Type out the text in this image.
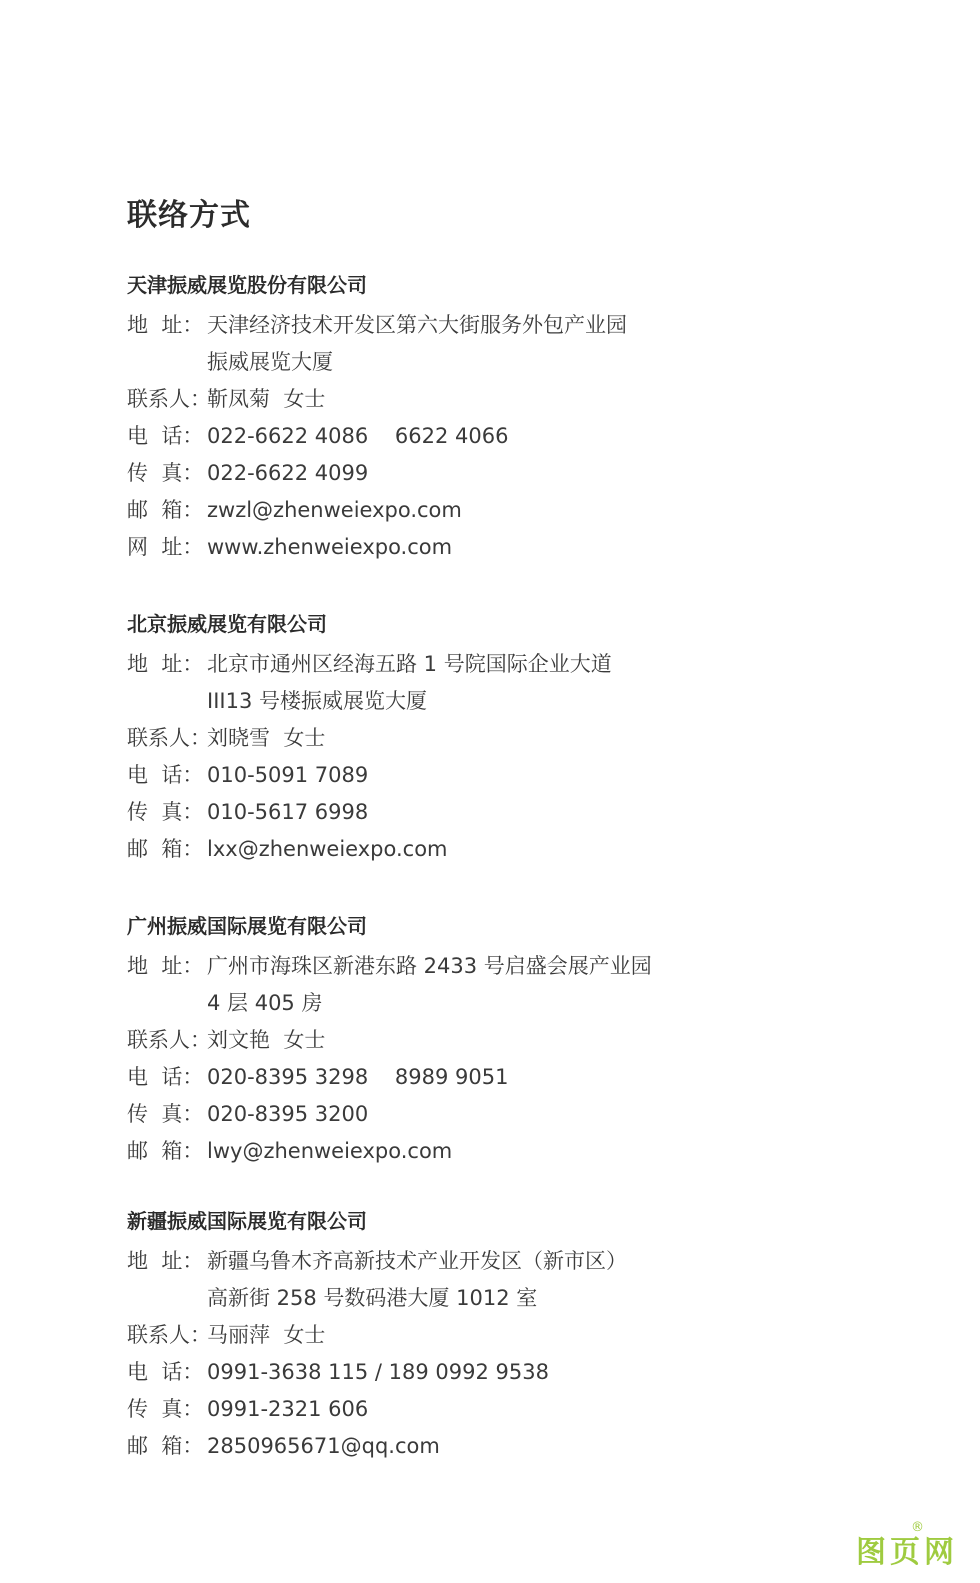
联络方式
天津振威展览股份有限公司
地  址： 天津经济技术开发区第六大街服务外包产业园
振威展览大厦
联系人：
靳凤菊  女士
电  话： 022-6622 4086    6622 4066
传  真： 022-6622 4099
邮  箱： zwzl@zhenweiexpo.com
网  址： www.zhenweiexpo.com
北京振威展览有限公司
地  址： 北京市通州区经海五路 1 号院国际企业大道
III13 号楼振威展览大厦
联系人：
刘晓雪  女士
电  话： 010-5091 7089
传  真： 010-5617 6998
邮  箱： lxx@zhenweiexpo.com
广州振威国际展览有限公司
地  址： 广州市海珠区新港东路 2433 号启盛会展产业园
4 层 405 房
联系人：
刘文艳  女士
电  话： 020-8395 3298    8989 9051
传  真： 020-8395 3200
邮  箱： lwy@zhenweiexpo.com
新疆振威国际展览有限公司
地  址： 新疆乌鲁木齐高新技术产业开发区（新市区）
高新街 258 号数码港大厦 1012 室
联系人：
马丽萍  女士
电  话： 0991-3638 115 / 189 0992 9538
传  真： 0991-2321 606
邮  箱： 2850965671@qq.com
®
图页网
